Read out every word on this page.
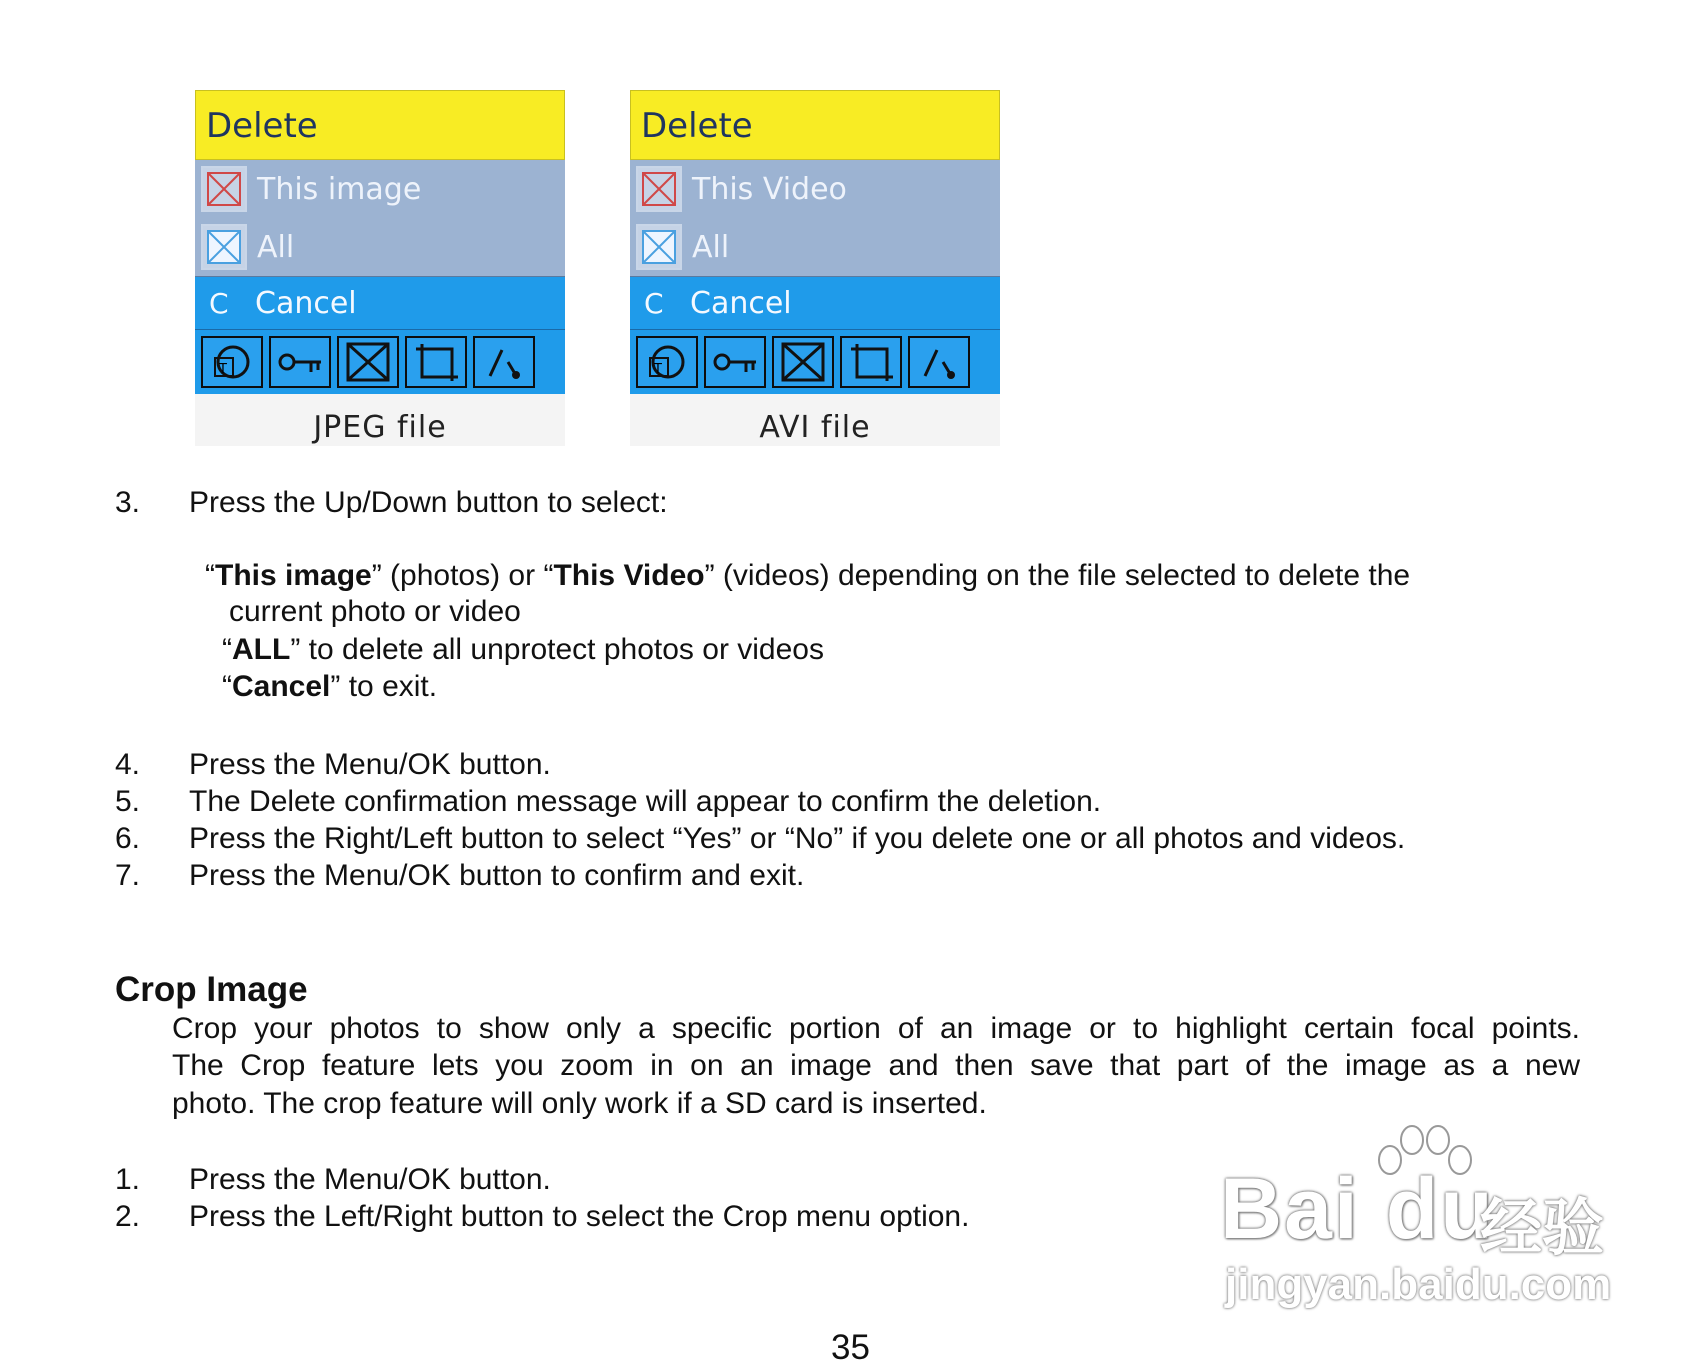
Delete
This image
All
C Cancel
T
JPEG file
Delete
This Video
All
C Cancel
T
AVI file
3. Press the Up/Down button to select:
“This image” (photos) or “This Video” (videos) depending on the file selected to delete the
current photo or video
“ALL” to delete all unprotect photos or videos
“Cancel” to exit.
4. Press the Menu/OK button.
5. The Delete confirmation message will appear to confirm the deletion.
6. Press the Right/Left button to select “Yes” or “No” if you delete one or all photos and videos.
7. Press the Menu/OK button to confirm and exit.
Crop Image
Crop your photos to show only a specific portion of an image or to highlight certain focal points.
The Crop feature lets you zoom in on an image and then save that part of the image as a new
photo. The crop feature will only work if a SD card is inserted.
1. Press the Menu/OK button.
2. Press the Left/Right button to select the Crop menu option.	Bai du
经验
jingyan.baidu.com
35
